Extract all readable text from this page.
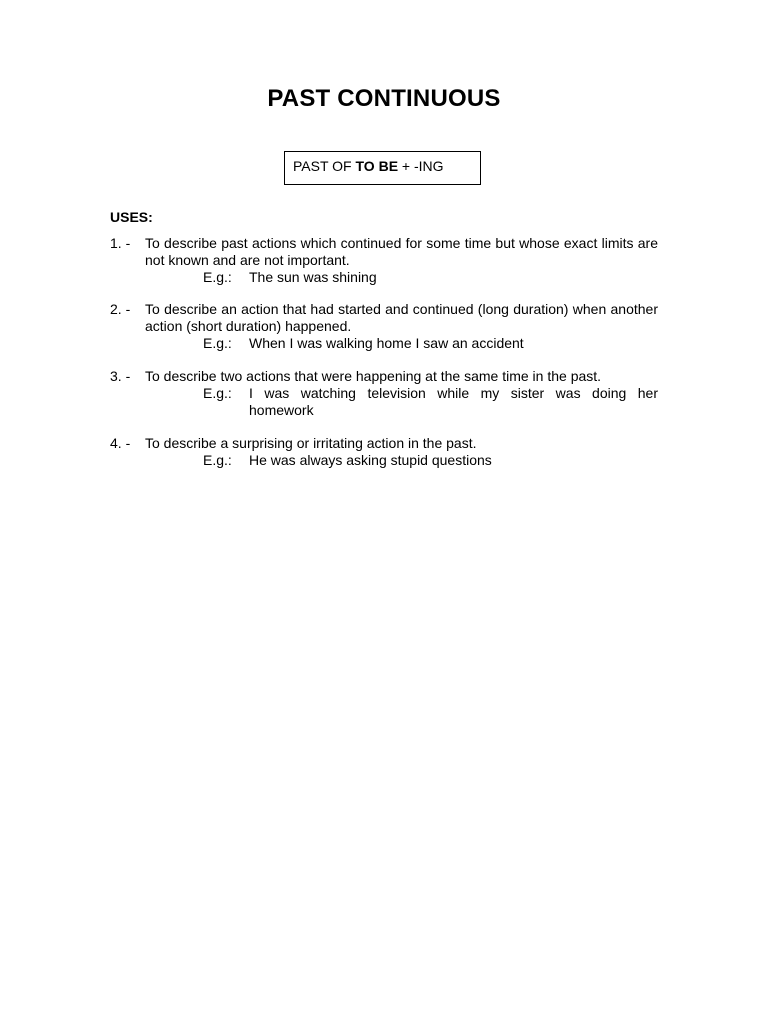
PAST CONTINUOUS
PAST OF TO BE + -ING
USES:
1. - To describe past actions which continued for some time but whose exact limits are not known and are not important.
E.g.: The sun was shining
2. - To describe an action that had started and continued (long duration) when another action (short duration) happened.
E.g.: When I was walking home I saw an accident
3. - To describe two actions that were happening at the same time in the past.
E.g.: I was watching television while my sister was doing her homework
4. - To describe a surprising or irritating action in the past.
E.g.: He was always asking stupid questions
